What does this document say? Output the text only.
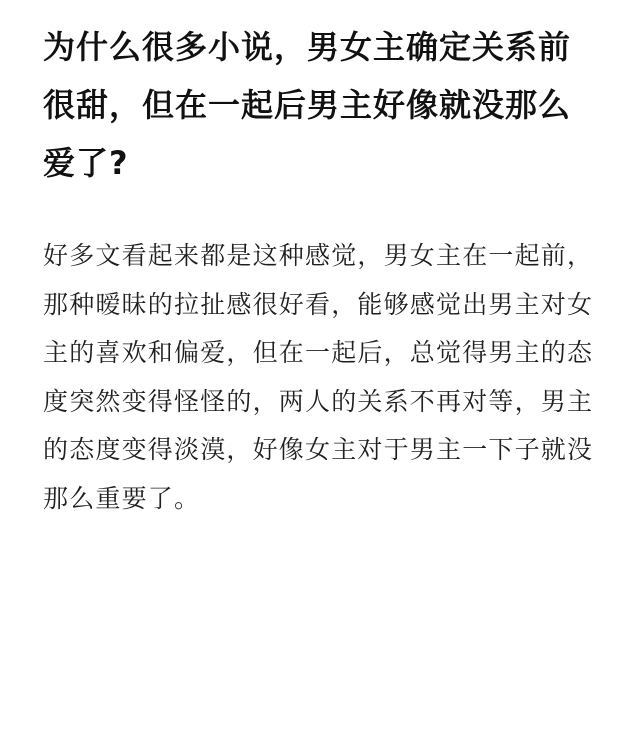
为什么很多小说，男女主确定关系前很甜，但在一起后男主好像就没那么爱了?

好多文看起来都是这种感觉，男女主在一起前，那种暧昧的拉扯感很好看，能够感觉出男主对女主的喜欢和偏爱，但在一起后，总觉得男主的态度突然变得怪怪的，两人的关系不再对等，男主的态度变得淡漠，好像女主对于男主一下子就没那么重要了。
